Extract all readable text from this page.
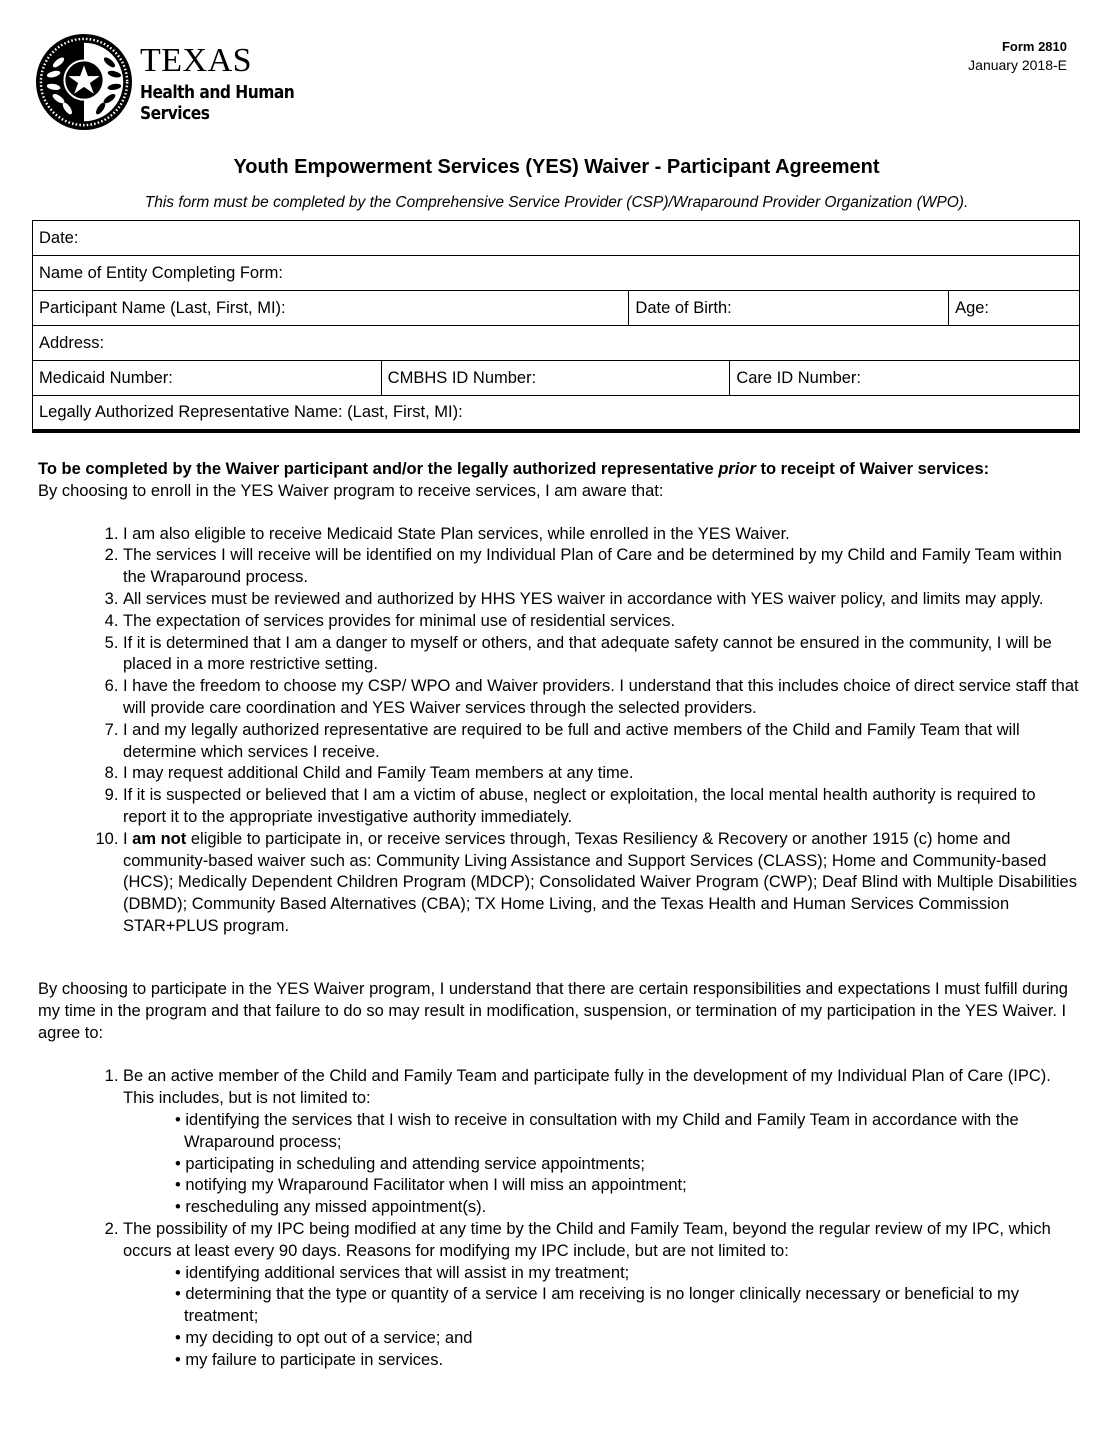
TEXAS
Health and Human
Services
Form 2810
January 2018-E
Youth Empowerment Services (YES) Waiver - Participant Agreement
This form must be completed by the Comprehensive Service Provider (CSP)/Wraparound Provider Organization (WPO).
Date:				
Name of Entity Completing Form:				
Participant Name (Last, First, MI):		Date of Birth:		Age:
Address:				
Medicaid Number:	CMBHS ID Number:		Care ID Number:	
Legally Authorized Representative Name: (Last, First, MI):				
To be completed by the Waiver participant and/or the legally authorized representative prior to receipt of Waiver services:
By choosing to enroll in the YES Waiver program to receive services, I am aware that:
1. I am also eligible to receive Medicaid State Plan services, while enrolled in the YES Waiver.
2. The services I will receive will be identified on my Individual Plan of Care and be determined by my Child and Family Team within the Wraparound process.
3. All services must be reviewed and authorized by HHS YES waiver in accordance with YES waiver policy, and limits may apply.
4. The expectation of services provides for minimal use of residential services.
5. If it is determined that I am a danger to myself or others, and that adequate safety cannot be ensured in the community, I will be placed in a more restrictive setting.
6. I have the freedom to choose my CSP/ WPO and Waiver providers. I understand that this includes choice of direct service staff that will provide care coordination and YES Waiver services through the selected providers.
7. I and my legally authorized representative are required to be full and active members of the Child and Family Team that will determine which services I receive.
8. I may request additional Child and Family Team members at any time.
9. If it is suspected or believed that I am a victim of abuse, neglect or exploitation, the local mental health authority is required to report it to the appropriate investigative authority immediately.
10. I am not eligible to participate in, or receive services through, Texas Resiliency & Recovery or another 1915 (c) home and community-based waiver such as: Community Living Assistance and Support Services (CLASS); Home and Community-based (HCS); Medically Dependent Children Program (MDCP); Consolidated Waiver Program (CWP); Deaf Blind with Multiple Disabilities (DBMD); Community Based Alternatives (CBA); TX Home Living, and the Texas Health and Human Services Commission STAR+PLUS program.
By choosing to participate in the YES Waiver program, I understand that there are certain responsibilities and expectations I must fulfill during my time in the program and that failure to do so may result in modification, suspension, or termination of my participation in the YES Waiver. I agree to:
1. Be an active member of the Child and Family Team and participate fully in the development of my Individual Plan of Care (IPC). This includes, but is not limited to:
• identifying the services that I wish to receive in consultation with my Child and Family Team in accordance with the Wraparound process;
• participating in scheduling and attending service appointments;
• notifying my Wraparound Facilitator when I will miss an appointment;
• rescheduling any missed appointment(s).
2. The possibility of my IPC being modified at any time by the Child and Family Team, beyond the regular review of my IPC, which occurs at least every 90 days. Reasons for modifying my IPC include, but are not limited to:
• identifying additional services that will assist in my treatment;
• determining that the type or quantity of a service I am receiving is no longer clinically necessary or beneficial to my treatment;
• my deciding to opt out of a service; and
• my failure to participate in services.
